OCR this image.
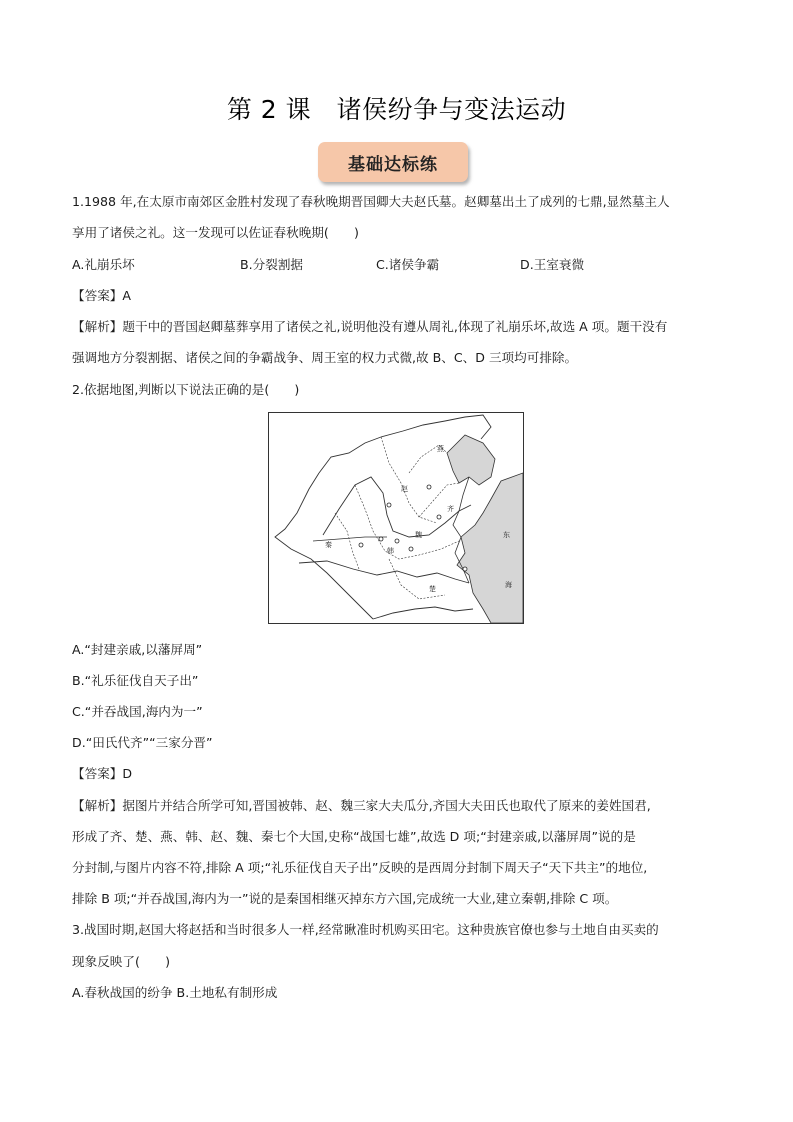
第 2 课　诸侯纷争与变法运动
基础达标练
1.1988 年,在太原市南郊区金胜村发现了春秋晚期晋国卿大夫赵氏墓。赵卿墓出土了成列的七鼎,显然墓主人
享用了诸侯之礼。这一发现可以佐证春秋晚期(　　)
A.礼崩乐坏	B.分裂割据	C.诸侯争霸	D.王室衰微
【答案】A
【解析】题干中的晋国赵卿墓葬享用了诸侯之礼,说明他没有遵从周礼,体现了礼崩乐坏,故选 A 项。题干没有
强调地方分裂割据、诸侯之间的争霸战争、周王室的权力式微,故 B、C、D 三项均可排除。
2.依据地图,判断以下说法正确的是(　　)
燕
赵
齐
秦
魏
韩
楚
东
海
A.“封建亲戚,以藩屏周”
B.“礼乐征伐自天子出”
C.“并吞战国,海内为一”
D.“田氏代齐”“三家分晋”
【答案】D
【解析】据图片并结合所学可知,晋国被韩、赵、魏三家大夫瓜分,齐国大夫田氏也取代了原来的姜姓国君,
形成了齐、楚、燕、韩、赵、魏、秦七个大国,史称“战国七雄”,故选 D 项;“封建亲戚,以藩屏周”说的是
分封制,与图片内容不符,排除 A 项;“礼乐征伐自天子出”反映的是西周分封制下周天子“天下共主”的地位,
排除 B 项;“并吞战国,海内为一”说的是秦国相继灭掉东方六国,完成统一大业,建立秦朝,排除 C 项。
3.战国时期,赵国大将赵括和当时很多人一样,经常瞅准时机购买田宅。这种贵族官僚也参与土地自由买卖的
现象反映了(　　)
A.春秋战国的纷争 B.土地私有制形成
